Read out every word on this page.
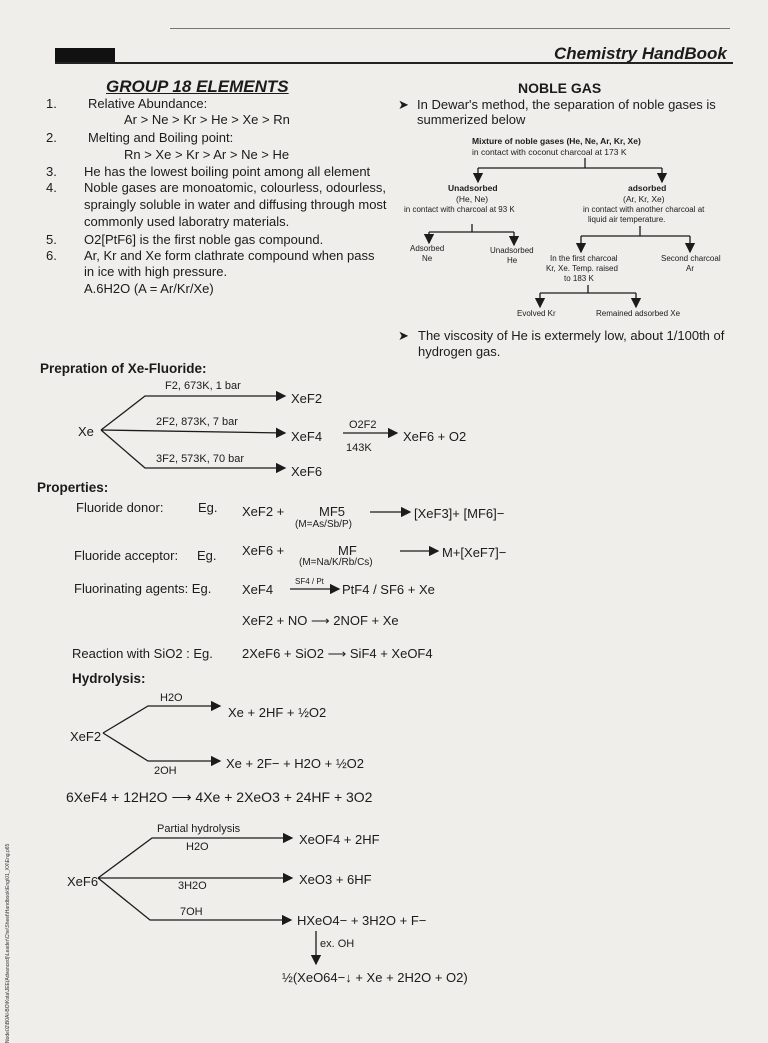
Chemistry HandBook
GROUP 18 ELEMENTS
1. Relative Abundance:
Ar > Ne > Kr > He > Xe > Rn
2. Melting and Boiling point:
Rn > Xe > Kr > Ar > Ne > He
3. He has the lowest boiling point among all element
4. Noble gases are monoatomic, colourless, odourless,
spraingly soluble in water and diffusing through most
commonly used laboratry materials.
5. O2[PtF6] is the first noble gas compound.
6. Ar, Kr and Xe form clathrate compound when pass
in ice with high pressure.
A.6H2O (A = Ar/Kr/Xe)
NOBLE GAS
➤ In Dewar's method, the separation of noble gases is
summerized below
Mixture of noble gases (He, Ne, Ar, Kr, Xe)
in contact with coconut charcoal at 173 K
Unadsorbed
(He, Ne)
in contact with charcoal at 93 K
adsorbed
(Ar, Kr, Xe)
in contact with another charcoal at
liquid air temperature.
Adsorbed
Ne
Unadsorbed
He	In the first charcoal
Kr, Xe. Temp. raised
to 183 K
Second charcoal
Ar
Evolved Kr	Remained adsorbed Xe
➤ The viscosity of He is extermely low, about 1/100th of
hydrogen gas.
Prepration of Xe-Fluoride:
Xe
F2, 673K, 1 bar
XeF2
2F2, 873K, 7 bar
XeF4
3F2, 573K, 70 bar
XeF6
O2F2
143K
XeF6 + O2
Properties:
Fluoride donor:	Eg. XeF2 +	MF5
(M=As/Sb/P)
[XeF3]+ [MF6]−
Fluoride acceptor: Eg. XeF6 +	MF
(M=Na/K/Rb/Cs)
M+[XeF7]−
Fluorinating agents: Eg. XeF4
SF4 / Pt
PtF4 / SF6 + Xe
XeF2 + NO ⟶ 2NOF + Xe
Reaction with SiO2 : Eg. 2XeF6 + SiO2 ⟶ SiF4 + XeOF4
Hydrolysis:
XeF2
H2O
2OH
Xe + 2HF + ½O2
Xe + 2F− + H2O + ½O2
6XeF4 + 12H2O ⟶ 4Xe + 2XeO3 + 24HF + 3O2
XeF6
Partial hydrolysis
H2O
3H2O
7OH
XeOF4 + 2HF
XeO3 + 6HF
HXeO4− + 3H2O + F−
ex. OH
½(XeO64−↓ + Xe + 2H2O + O2)
Node02\B0AI-BO\Kota\JEE(Advanced)\Leader\Che\Sheet\Handbook\Eng\01_XX\Eng.p65
